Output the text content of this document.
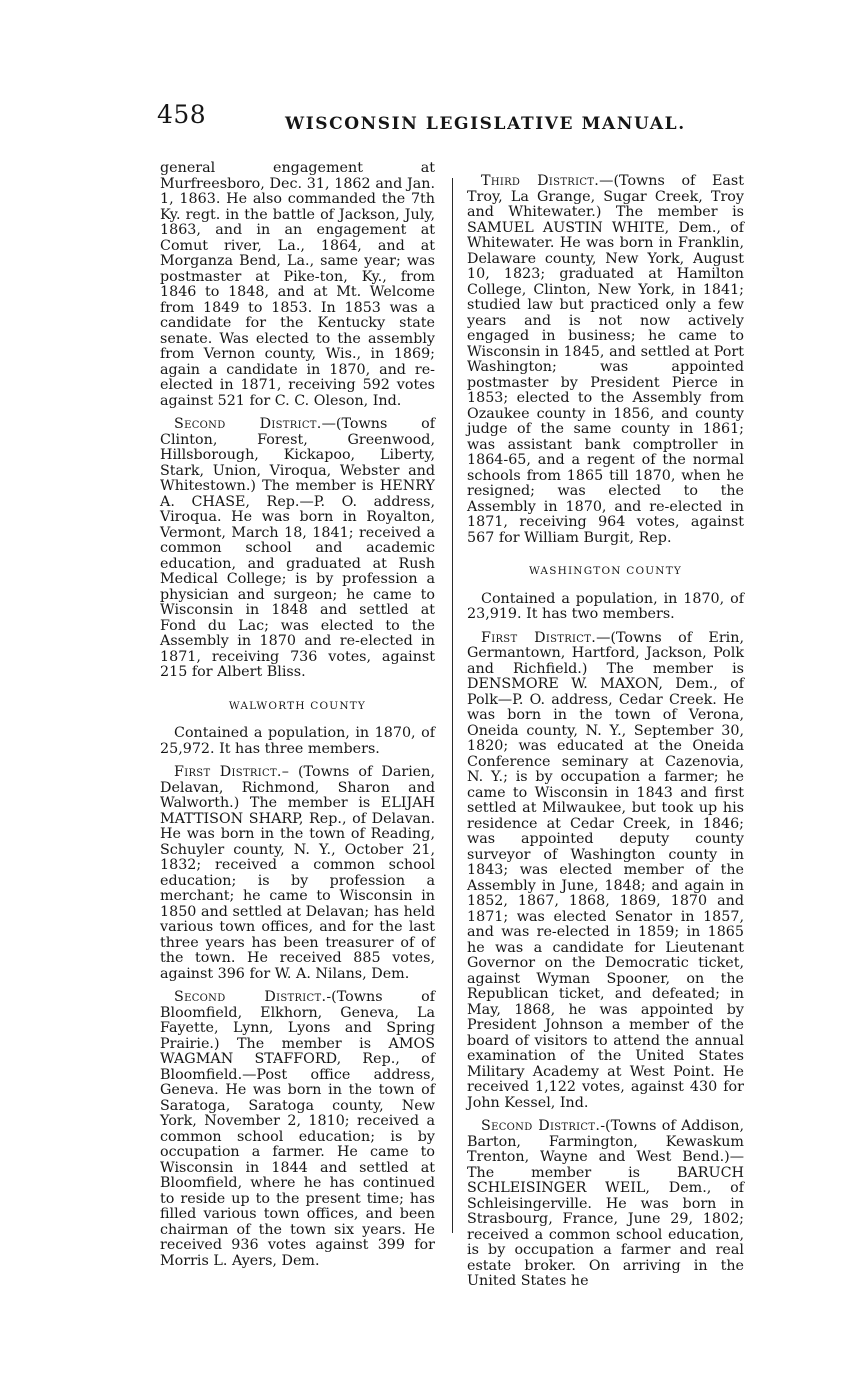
458	WISCONSIN LEGISLATIVE MANUAL.

general engagement at Murfreesboro, Dec. 31, 1862 and Jan. 1, 1863. He also commanded the 7th Ky. regt. in the battle of Jackson, July, 1863, and in an engagement at Comut river, La., 1864, and at Morganza Bend, La., same year; was postmaster at Pike-ton, Ky., from 1846 to 1848, and at Mt. Welcome from 1849 to 1853. In 1853 was a candidate for the Kentucky state senate. Was elected to the assembly from Vernon county, Wis., in 1869; again a candidate in 1870, and re-elected in 1871, receiving 592 votes against 521 for C. C. Oleson, Ind.

Second District.—(Towns of Clinton, Forest, Greenwood, Hillsborough, Kickapoo, Liberty, Stark, Union, Viroqua, Webster and Whitestown.) The member is HENRY A. CHASE, Rep.—P. O. address, Viroqua. He was born in Royalton, Vermont, March 18, 1841; received a common school and academic education, and graduated at Rush Medical College; is by profession a physician and surgeon; he came to Wisconsin in 1848 and settled at Fond du Lac; was elected to the Assembly in 1870 and re-elected in 1871, receiving 736 votes, against 215 for Albert Bliss.

WALWORTH COUNTY

Contained a population, in 1870, of 25,972. It has three members.

First District.– (Towns of Darien, Delavan, Richmond, Sharon and Walworth.) The member is ELIJAH MATTISON SHARP, Rep., of Delavan. He was born in the town of Reading, Schuyler county, N. Y., October 21, 1832; received a common school education; is by profession a merchant; he came to Wisconsin in 1850 and settled at Delavan; has held various town offices, and for the last three years has been treasurer of of the town. He received 885 votes, against 396 for W. A. Nilans, Dem.

Second District.-(Towns of Bloomfield, Elkhorn, Geneva, La Fayette, Lynn, Lyons and Spring Prairie.) The member is AMOS WAGMAN STAFFORD, Rep., of Bloomfield.—Post office address, Geneva. He was born in the town of Saratoga, Saratoga county, New York, November 2, 1810; received a common school education; is by occupation a farmer. He came to Wisconsin in 1844 and settled at Bloomfield, where he has continued to reside up to the present time; has filled various town offices, and been chairman of the town six years. He received 936 votes against 399 for Morris L. Ayers, Dem.

Third District.—(Towns of East Troy, La Grange, Sugar Creek, Troy and Whitewater.) The member is SAMUEL AUSTIN WHITE, Dem., of Whitewater. He was born in Franklin, Delaware county, New York, August 10, 1823; graduated at Hamilton College, Clinton, New York, in 1841; studied law but practiced only a few years and is not now actively engaged in business; he came to Wisconsin in 1845, and settled at Port Washington; was appointed postmaster by President Pierce in 1853; elected to the Assembly from Ozaukee county in 1856, and county judge of the same county in 1861; was assistant bank comptroller in 1864-65, and a regent of the normal schools from 1865 till 1870, when he resigned; was elected to the Assembly in 1870, and re-elected in 1871, receiving 964 votes, against 567 for William Burgit, Rep.

WASHINGTON COUNTY

Contained a population, in 1870, of 23,919. It has two members.

First District.—(Towns of Erin, Germantown, Hartford, Jackson, Polk and Richfield.) The member is DENSMORE W. MAXON, Dem., of Polk—P. O. address, Cedar Creek. He was born in the town of Verona, Oneida county, N. Y., September 30, 1820; was educated at the Oneida Conference seminary at Cazenovia, N. Y.; is by occupation a farmer; he came to Wisconsin in 1843 and first settled at Milwaukee, but took up his residence at Cedar Creek, in 1846; was appointed deputy county surveyor of Washington county in 1843; was elected member of the Assembly in June, 1848; and again in 1852, 1867, 1868, 1869, 1870 and 1871; was elected Senator in 1857, and was re-elected in 1859; in 1865 he was a candidate for Lieutenant Governor on the Democratic ticket, against Wyman Spooner, on the Republican ticket, and defeated; in May, 1868, he was appointed by President Johnson a member of the board of visitors to attend the annual examination of the United States Military Academy at West Point. He received 1,122 votes, against 430 for John Kessel, Ind.

Second District.-(Towns of Addison, Barton, Farmington, Kewaskum Trenton, Wayne and West Bend.)—The member is BARUCH SCHLEISINGER WEIL, Dem., of Schleisingerville. He was born in Strasbourg, France, June 29, 1802; received a common school education, is by occupation a farmer and real estate broker. On arriving in the United States he
